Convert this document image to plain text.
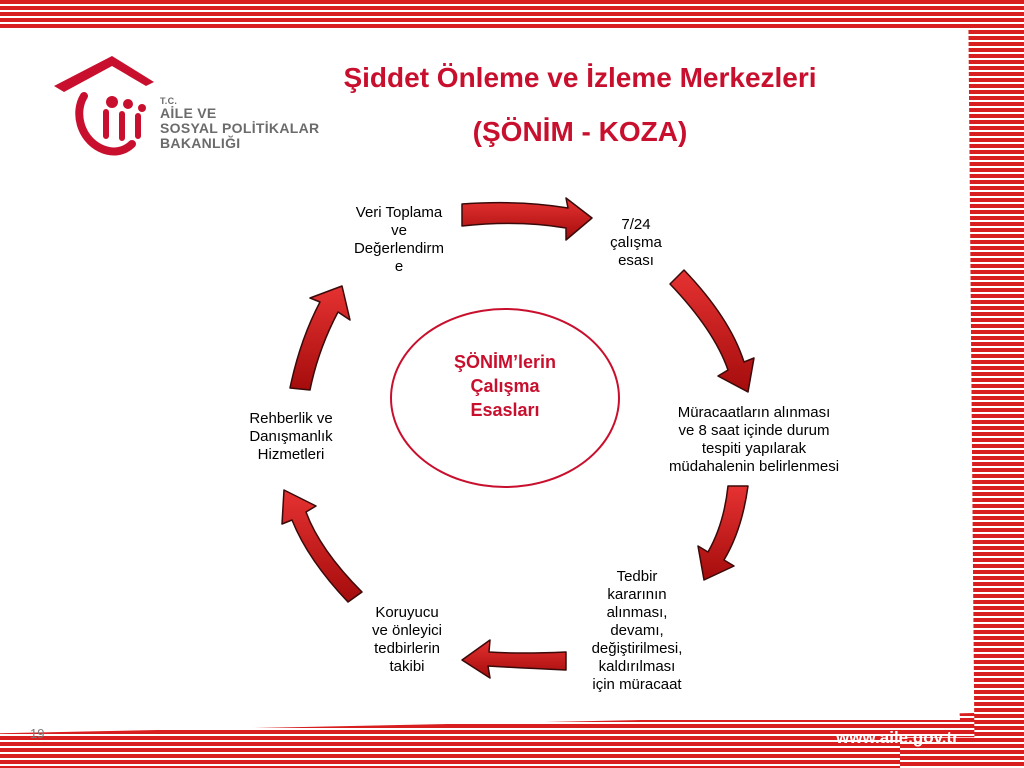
T.C.
AİLE VE
SOSYAL POLİTİKALAR
BAKANLIĞI
Şiddet Önleme ve İzleme Merkezleri
(ŞÖNİM - KOZA)
ŞÖNİM’lerin
Çalışma
Esasları
Veri Toplama
ve
Değerlendirm
e
7/24
çalışma
esası
Müracaatların alınması
ve 8 saat içinde durum
tespiti yapılarak
müdahalenin belirlenmesi
Tedbir
kararının
alınması,
devamı,
değiştirilmesi,
kaldırılması
için müracaat
Koruyucu
ve önleyici
tedbirlerin
takibi
Rehberlik ve
Danışmanlık
Hizmetleri
19	www.aile.gov.tr
